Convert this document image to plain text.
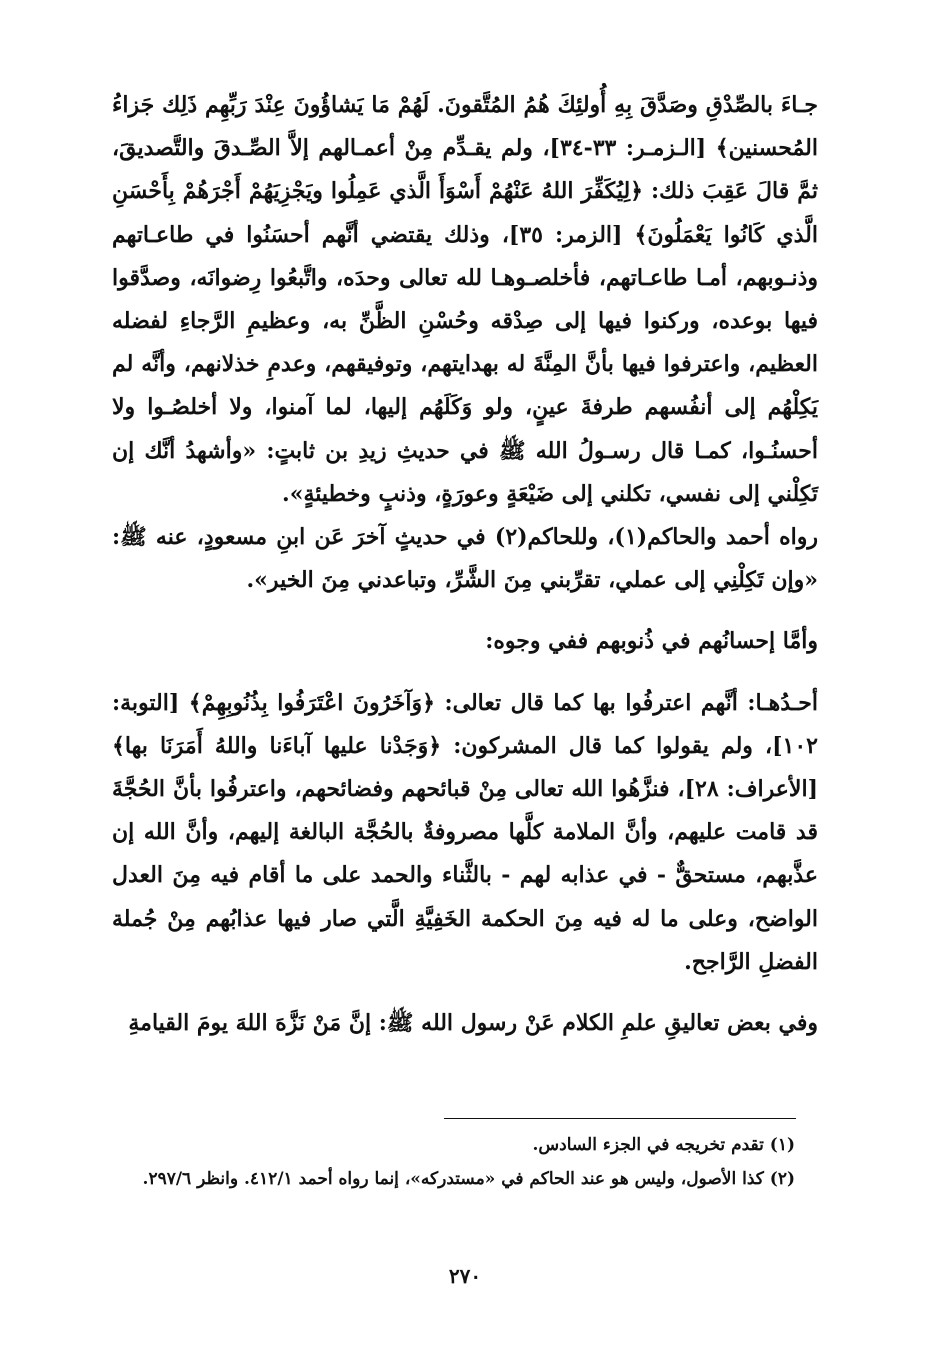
جـاءَ بالصِّدْقِ وصَدَّقَ بِهِ أُولئِكَ هُمُ المُتَّقونَ. لَهُمْ مَا يَشاؤُونَ عِنْدَ رَبِّهِم ذَلِك جَزاءُ المُحسنين﴾ [الـزمـر: ٣٣-٣٤]، ولم يقـدِّم مِنْ أعمـالهم إلاَّ الصِّـدقَ والتَّصديقَ، ثمَّ قالَ عَقِبَ ذلك: ﴿لِيُكَفِّرَ اللهُ عَنْهُمْ أَسْوَأَ الَّذي عَمِلُوا ويَجْزِيَهُمْ أَجْرَهُمْ بِأَحْسَنِ الَّذي كَانُوا يَعْمَلُونَ﴾ [الزمر: ٣٥]، وذلك يقتضي أنَّهم أحسَنُوا في طاعـاتهم وذنـوبهم، أمـا طاعـاتهم، فأخلصـوهـا لله تعالى وحدَه، واتَّبعُوا رِضوانَه، وصدَّقوا فيها بوعده، وركنوا فيها إلى صِدْقه وحُسْنِ الظَّنِّ به، وعظيمِ الرَّجاءِ لفضله العظيم، واعترفوا فيها بأنَّ المِنَّةَ له بهدايتهم، وتوفيقهم، وعدمِ خذلانهم، وأنَّه لم يَكِلْهُم إلى أنفُسهم طرفةَ عينٍ، ولو وَكَلَهُم إليها، لما آمنوا، ولا أخلصُـوا ولا أحسنُـوا، كمـا قال رسـولُ الله ﷺ في حديثِ زيدِ بن ثابتٍ: «وأشهدُ أنَّك إن تَكِلْني إلى نفسي، تكلني إلى ضَيْعَةٍ وعورَةٍ، وذنبٍ وخطيئةٍ».

رواه أحمد والحاكم(١)، وللحاكم(٢) في حديثٍ آخرَ عَن ابنِ مسعودٍ، عنه ﷺ: «وإن تَكِلْنِي إلى عملي، تقرِّبني مِنَ الشَّرِّ، وتباعدني مِنَ الخير».

وأمَّا إحسانُهم في ذُنوبهم ففي وجوه:

أحـدُهـا: أنَّهم اعترفُوا بها كما قال تعالى: ﴿وَآخَرُونَ اعْتَرَفُوا بِذُنُوبِهِمْ﴾ [التوبة: ١٠٢]، ولم يقولوا كما قال المشركون: ﴿وَجَدْنا عليها آباءَنا واللهُ أَمَرَنَا بها﴾ [الأعراف: ٢٨]، فنزَّهُوا الله تعالى مِنْ قبائحهم وفضائحهم، واعترفُوا بأنَّ الحُجَّةَ قد قامت عليهم، وأنَّ الملامة كلَّها مصروفةٌ بالحُجَّة البالغة إليهم، وأنَّ الله إن عذَّبهم، مستحقٌّ - في عذابه لهم - بالثَّناء والحمد على ما أقام فيه مِنَ العدل الواضح، وعلى ما له فيه مِنَ الحكمة الخَفِيَّةِ الَّتي صار فيها عذابُهم مِنْ جُملة الفضلِ الرَّاجح.

وفي بعض تعاليقِ علمِ الكلام عَنْ رسول الله ﷺ: إنَّ مَنْ نَزَّهَ اللهَ يومَ القيامةِ

(١) تقدم تخريجه في الجزء السادس.

(٢) كذا الأصول، وليس هو عند الحاكم في «مستدركه»، إنما رواه أحمد ٤١٢/١. وانظر ٢٩٧/٦.

٢٧٠
